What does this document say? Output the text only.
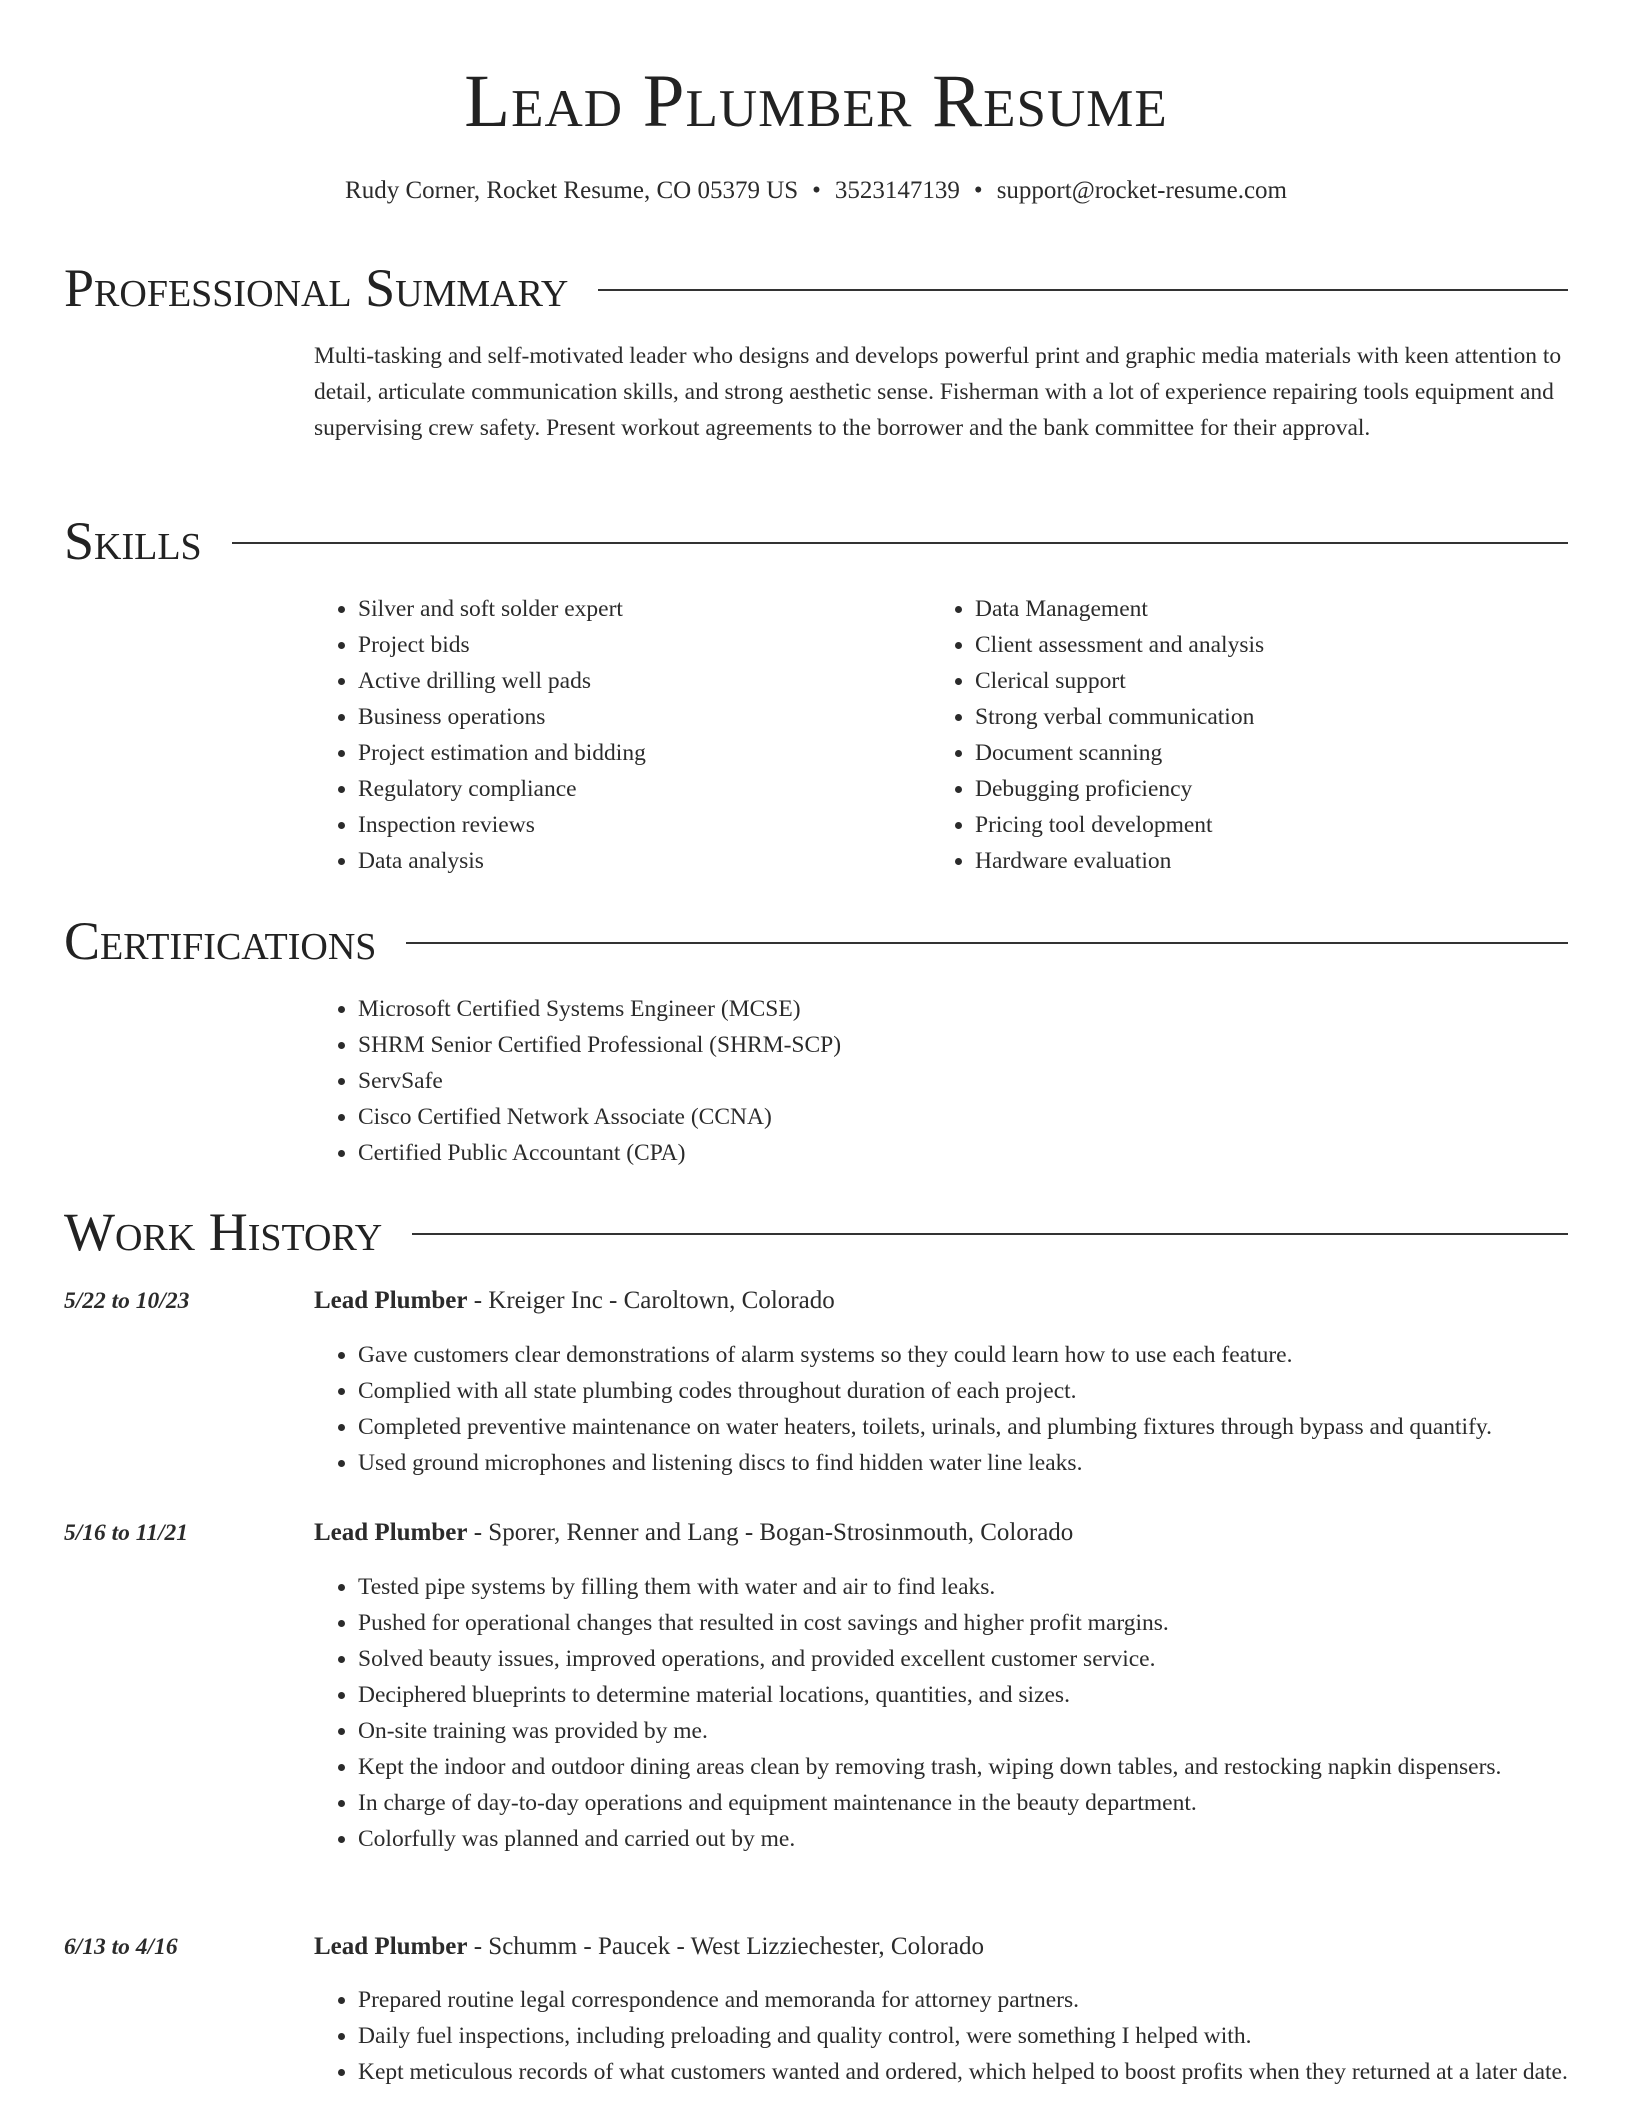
Lead Plumber Resume
Rudy Corner, Rocket Resume, CO 05379 US • 3523147139 • support@rocket-resume.com
Professional Summary

Multi-tasking and self-motivated leader who designs and develops powerful print and graphic media materials with keen attention to detail, articulate communication skills, and strong aesthetic sense. Fisherman with a lot of experience repairing tools equipment and supervising crew safety. Present workout agreements to the borrower and the bank committee for their approval.

Skills
• Silver and soft solder expert
• Project bids
• Active drilling well pads
• Business operations
• Project estimation and bidding
• Regulatory compliance
• Inspection reviews
• Data analysis
• Data Management
• Client assessment and analysis
• Clerical support
• Strong verbal communication
• Document scanning
• Debugging proficiency
• Pricing tool development
• Hardware evaluation
Certifications
• Microsoft Certified Systems Engineer (MCSE)
• SHRM Senior Certified Professional (SHRM-SCP)
• ServSafe
• Cisco Certified Network Associate (CCNA)
• Certified Public Accountant (CPA)
Work History
5/22 to 10/23	Lead Plumber - Kreiger Inc - Caroltown, Colorado
• Gave customers clear demonstrations of alarm systems so they could learn how to use each feature.
• Complied with all state plumbing codes throughout duration of each project.
• Completed preventive maintenance on water heaters, toilets, urinals, and plumbing fixtures through bypass and quantify.
• Used ground microphones and listening discs to find hidden water line leaks.
5/16 to 11/21	Lead Plumber - Sporer, Renner and Lang - Bogan-Strosinmouth, Colorado
• Tested pipe systems by filling them with water and air to find leaks.
• Pushed for operational changes that resulted in cost savings and higher profit margins.
• Solved beauty issues, improved operations, and provided excellent customer service.
• Deciphered blueprints to determine material locations, quantities, and sizes.
• On-site training was provided by me.
• Kept the indoor and outdoor dining areas clean by removing trash, wiping down tables, and restocking napkin dispensers.
• In charge of day-to-day operations and equipment maintenance in the beauty department.
• Colorfully was planned and carried out by me.
6/13 to 4/16	Lead Plumber - Schumm - Paucek - West Lizziechester, Colorado
• Prepared routine legal correspondence and memoranda for attorney partners.
• Daily fuel inspections, including preloading and quality control, were something I helped with.
• Kept meticulous records of what customers wanted and ordered, which helped to boost profits when they returned at a later date.
